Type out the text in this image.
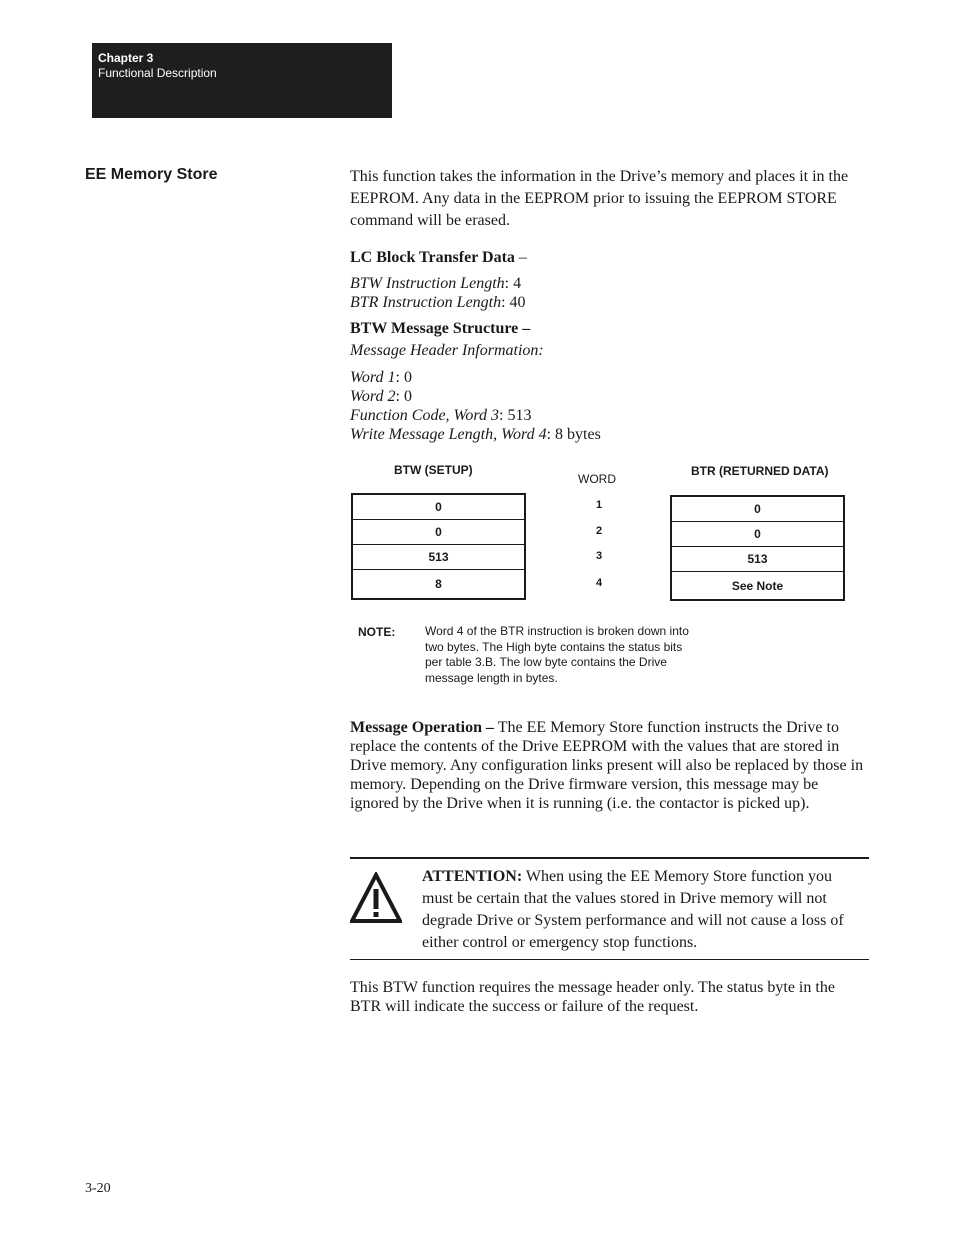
Chapter 3
Functional Description
EE Memory Store	This function takes the information in the Drive’s memory and places it in the EEPROM. Any data in the EEPROM prior to issuing the EEPROM STORE command will be erased.

LC Block Transfer Data –
BTW Instruction Length: 4
BTR Instruction Length: 40
BTW Message Structure –
Message Header Information:
Word 1: 0
Word 2: 0
Function Code, Word 3: 513
Write Message Length, Word 4: 8 bytes
BTW (SETUP)
WORD
BTR (RETURNED DATA)
0
0
513
8
1
2
3
4
0
0
513
See Note
NOTE: Word 4 of the BTR instruction is broken down into two bytes. The High byte contains the status bits per table 3.B. The low byte contains the Drive message length in bytes.

Message Operation – The EE Memory Store function instructs the Drive to replace the contents of the Drive EEPROM with the values that are stored in Drive memory. Any configuration links present will also be replaced by those in memory. Depending on the Drive firmware version, this message may be ignored by the Drive when it is running (i.e. the contactor is picked up).

ATTENTION: When using the EE Memory Store function you must be certain that the values stored in Drive memory will not degrade Drive or System performance and will not cause a loss of either control or emergency stop functions.

This BTW function requires the message header only. The status byte in the BTR will indicate the success or failure of the request.

3-20
